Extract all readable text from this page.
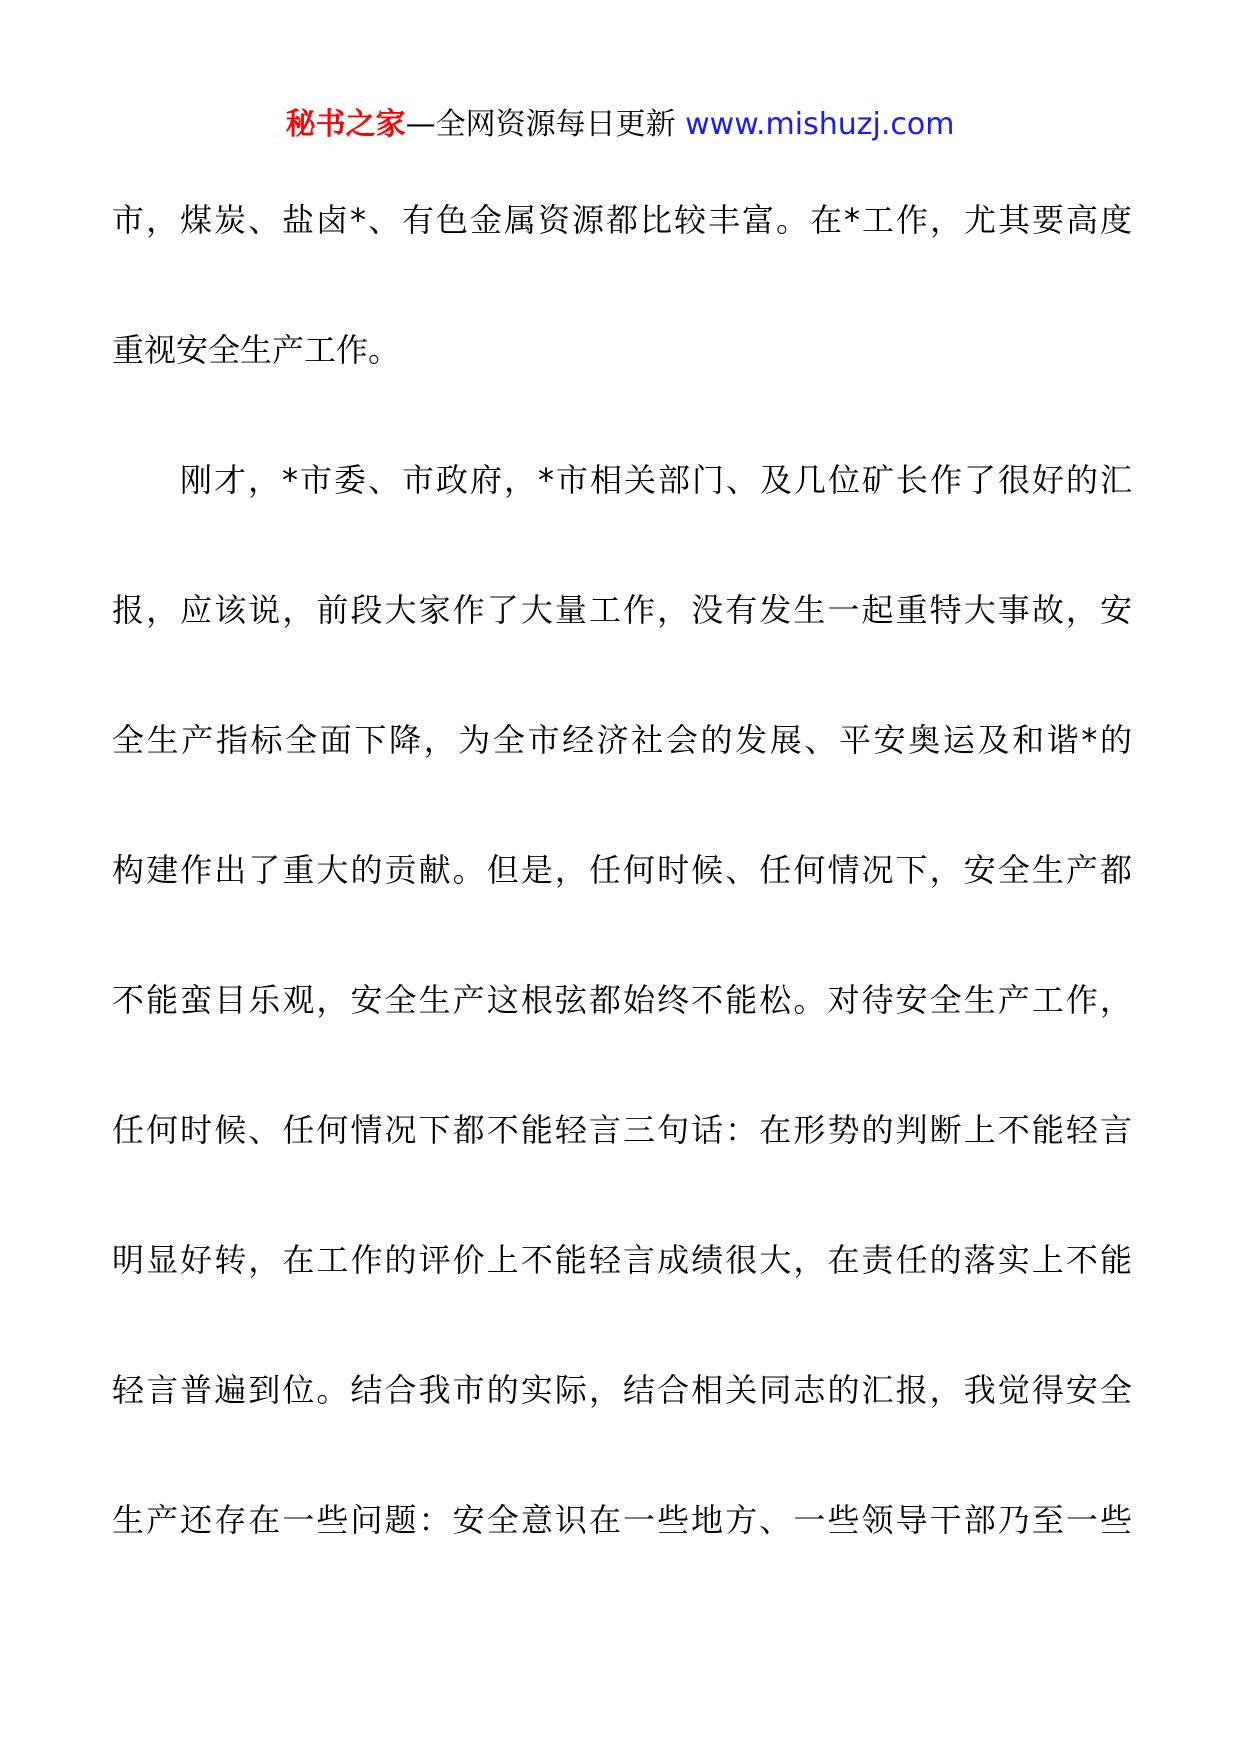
秘书之家—全网资源每日更新 www.mishuzj.com
市，煤炭、盐卤*、有色金属资源都比较丰富。在*工作，尤其要高度
重视安全生产工作。
刚才，*市委、市政府，*市相关部门、及几位矿长作了很好的汇
报，应该说，前段大家作了大量工作，没有发生一起重特大事故，安
全生产指标全面下降，为全市经济社会的发展、平安奥运及和谐*的
构建作出了重大的贡献。但是，任何时候、任何情况下，安全生产都
不能蛮目乐观，安全生产这根弦都始终不能松。对待安全生产工作，
任何时候、任何情况下都不能轻言三句话：在形势的判断上不能轻言
明显好转，在工作的评价上不能轻言成绩很大，在责任的落实上不能
轻言普遍到位。结合我市的实际，结合相关同志的汇报，我觉得安全
生产还存在一些问题：安全意识在一些地方、一些领导干部乃至一些
